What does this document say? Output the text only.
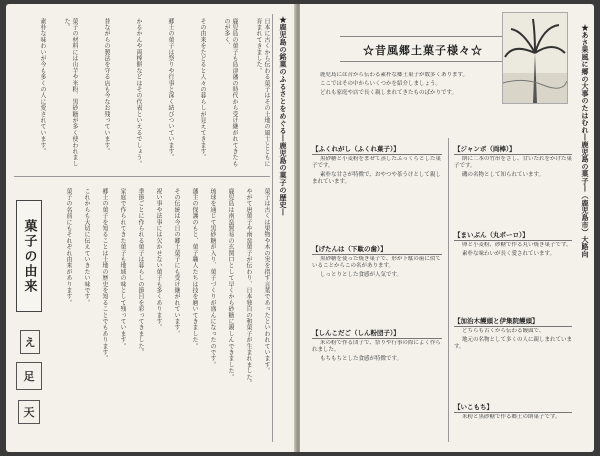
★鹿児島の銘菓のふるさとをめぐる―鹿児島の菓子の歴史―
日本に古くから伝わる菓子はその土地の風土とともに育まれてきました。
鹿児島の菓子も島津藩の時代から受け継がれてきたものが多く、
その由来をたどると人々の暮らしが見えてきます。
郷土の菓子は祭りや行事と深く結びついています。
かるかんや両棒餅などはその代表といえるでしょう。
昔ながらの製法を守る店も今なお残っています。
菓子の材料には山芋や米粉、黒砂糖が多く使われました。
素朴な味わいが今も多くの人に愛されています。
菓子は古くは果物や木の実を指す言葉であったといわれています。
やがて唐菓子や南蛮菓子が伝わり、日本独自の和菓子が生まれました。
鹿児島は南蛮貿易の玄関口として早くから砂糖に親しんできました。
琉球を通じて黒砂糖が入り、菓子づくりが盛んになったのです。
藩主の保護のもと、菓子職人たちは技を磨いてきました。
その伝統は今日の郷土菓子にも受け継がれています。
祝い事や法事には欠かせない菓子も多くあります。
季節ごとに作られる菓子は暮らしの節目を彩ってきました。
家庭で作られてきた菓子も地域の味として残っています。
郷土の菓子を知ることは土地の歴史を知ることでもあります。
これからも大切に伝えていきたい味です。
菓子の名前にもそれぞれ由来があります。
菓子の由来
え
足
天
☆昔風郷土菓子様々☆	★あさ果風に郷の大事のたはむれ―鹿児島の菓子―（鹿児島市）大路向

鹿児島には昔から伝わる素朴な郷土菓子が数多くあります。

ここではその中からいくつかを紹介しましょう。

どれも家庭や店で長く親しまれてきたものばかりです。

【ふくれがし（ふくれ菓子）】

黒砂糖と小麦粉をまぜて蒸したふっくらとした菓子です。

素朴な甘さが特徴で、おやつや茶うけとして親しまれています。

【げたんは（下駄の歯）】

黒砂糖を使った焼き菓子で、形が下駄の歯に似ていることからこの名があります。

しっとりとした食感が人気です。

【しんこだご（しん粉団子）】

米の粉で作る団子で、祭りや行事の際によく作られました。

もちもちとした食感が特徴です。

【ジャンボ（両棒）】

餅に二本の竹串をさし、甘いたれをかけた菓子です。

磯の名物として知られています。

【まいぶん（丸ボーロ）】

卵と小麦粉、砂糖で作る丸い焼き菓子です。

素朴な味わいが長く愛されています。

【加治木饅頭と伊集院饅頭】

どちらも古くから伝わる饅頭で、

地元の名物として多くの人に親しまれています。

【いこもち】

米粉と黒砂糖で作る郷土の餅菓子です。
